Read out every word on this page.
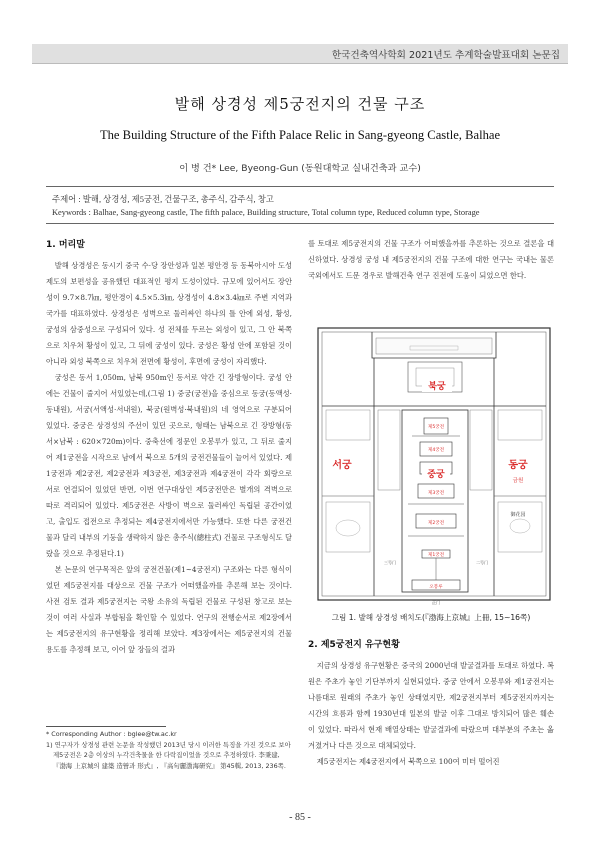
한국건축역사학회 2021년도 추계학술발표대회 논문집
발해 상경성 제5궁전지의 건물 구조
The Building Structure of the Fifth Palace Relic in Sang-gyeong Castle, Balhae
이 병 건* Lee, Byeong-Gun (동원대학교 실내건축과 교수)
주제어 : 발해, 상경성, 제5궁전, 건물구조, 총주식, 감주식, 창고
Keywords : Balhae, Sang-gyeong castle, The fifth palace, Building structure, Total column type, Reduced column type, Storage
1. 머리말

발해 상경성은 동시기 중국 수·당 장안성과 일본 평안경 등 동북아시아 도성제도의 보편성을 공유했던 대표적인 평지 도성이었다. 규모에 있어서도 장안성이 9.7×8.7㎞, 평안경이 4.5×5.3㎞, 상경성이 4.8×3.4㎞로 주변 지역과 국가를 대표하였다. 상경성은 성벽으로 둘러싸인 하나의 틀 안에 외성, 황성, 궁성의 삼중성으로 구성되어 있다. 성 전체를 두르는 외성이 있고, 그 안 북쪽으로 치우쳐 황성이 있고, 그 뒤에 궁성이 있다. 궁성은 황성 안에 포함된 것이 아니라 외성 북쪽으로 치우쳐 전면에 황성이, 후면에 궁성이 자리했다.

궁성은 동서 1,050m, 남북 950m인 동서로 약간 긴 장방형이다. 궁성 안에는 건물이 줄지어 서있었는데,(그림 1) 중궁(궁전)을 중심으로 동궁(동액성·동내원), 서궁(서액성·서내원), 북궁(원벽성·북내원)의 네 영역으로 구분되어 있었다. 중궁은 상경성의 주선이 있던 곳으로, 형태는 남북으로 긴 장방형(동서×남북 : 620×720m)이다. 중축선에 정문인 오봉루가 있고, 그 뒤로 줄지어 제1궁전을 시작으로 남에서 북으로 5개의 궁전건물들이 늘어서 있었다. 제1궁전과 제2궁전, 제2궁전과 제3궁전, 제3궁전과 제4궁전이 각각 회랑으로 서로 연결되어 있었던 반면, 이번 연구대상인 제5궁전만은 별개의 격벽으로 따로 격리되어 있었다. 제5궁전은 사방이 벽으로 둘러싸인 독립된 공간이었고, 출입도 접전으로 추정되는 제4궁전지에서만 가능했다. 또한 다른 궁전건물과 달리 내부의 기둥을 생략하지 않은 총주식(總柱式) 건물로 구조형식도 달랐을 것으로 추정된다.1)

본 논문의 연구목적은 앞의 궁전건물(제1~4궁전지) 구조와는 다른 형식이었던 제5궁전지를 대상으로 건물 구조가 어떠했을까를 추론해 보는 것이다. 사전 검토 결과 제5궁전지는 국왕 소유의 독립된 건물로 구성된 창고로 보는 것이 여러 사실과 부합됨을 확인할 수 있었다. 연구의 전행순서로 제2장에서는 제5궁전지의 유구현황을 정리해 보았다. 제3장에서는 제5궁전지의 건물 용도를 추정해 보고, 이어 앞 장들의 결과

* Corresponding Author : bglee@tw.ac.kr
1) 연구자가 상경성 관련 논문을 작성했던 2013년 당시 이러한 특징을 가진 것으로 보아 제5궁전은 2층 이상의 누각건축물을 한 다락집이었을 것으로 추정하였다. 李秉建, 『渤海 上京城의 建築 造營과 形式』, 『高句麗渤海研究』 第45輯, 2013, 236쪽.

를 토대로 제5궁전지의 건물 구조가 어떠했을까를 추론하는 것으로 결론을 대신하였다. 상경성 궁성 내 제5궁전지의 건물 구조에 대한 연구는 국내는 물론 국외에서도 드문 경우로 발해건축 연구 진전에 도움이 되었으면 한다.

북궁
서궁
중궁
동궁
금원
御花园
제5궁전
제4궁전
제3궁전
제2궁전
제1궁전
오봉루
正门
三号门	二号门
그림 1. 발해 상경성 배치도(『渤海上京城』上冊, 15~16쪽)
2. 제5궁전지 유구현황

지금의 상경성 유구현황은 중국의 2000년대 발굴결과를 토대로 하였다. 복원은 주초가 놓인 기단부까지 실현되었다. 중궁 안에서 오봉루와 제1궁전지는 나름대로 원래의 주초가 놓인 상태였지만, 제2궁전지부터 제5궁전지까지는 시간의 흐름과 함께 1930년대 일본의 발굴 이후 그대로 방치되어 많은 훼손이 있었다. 따라서 현재 배열상태는 발굴결과에 따랐으며 대부분의 주초는 옮겨졌거나 다른 것으로 대체되었다.

제5궁전지는 제4궁전지에서 북쪽으로 100여 미터 떨어진

- 85 -
